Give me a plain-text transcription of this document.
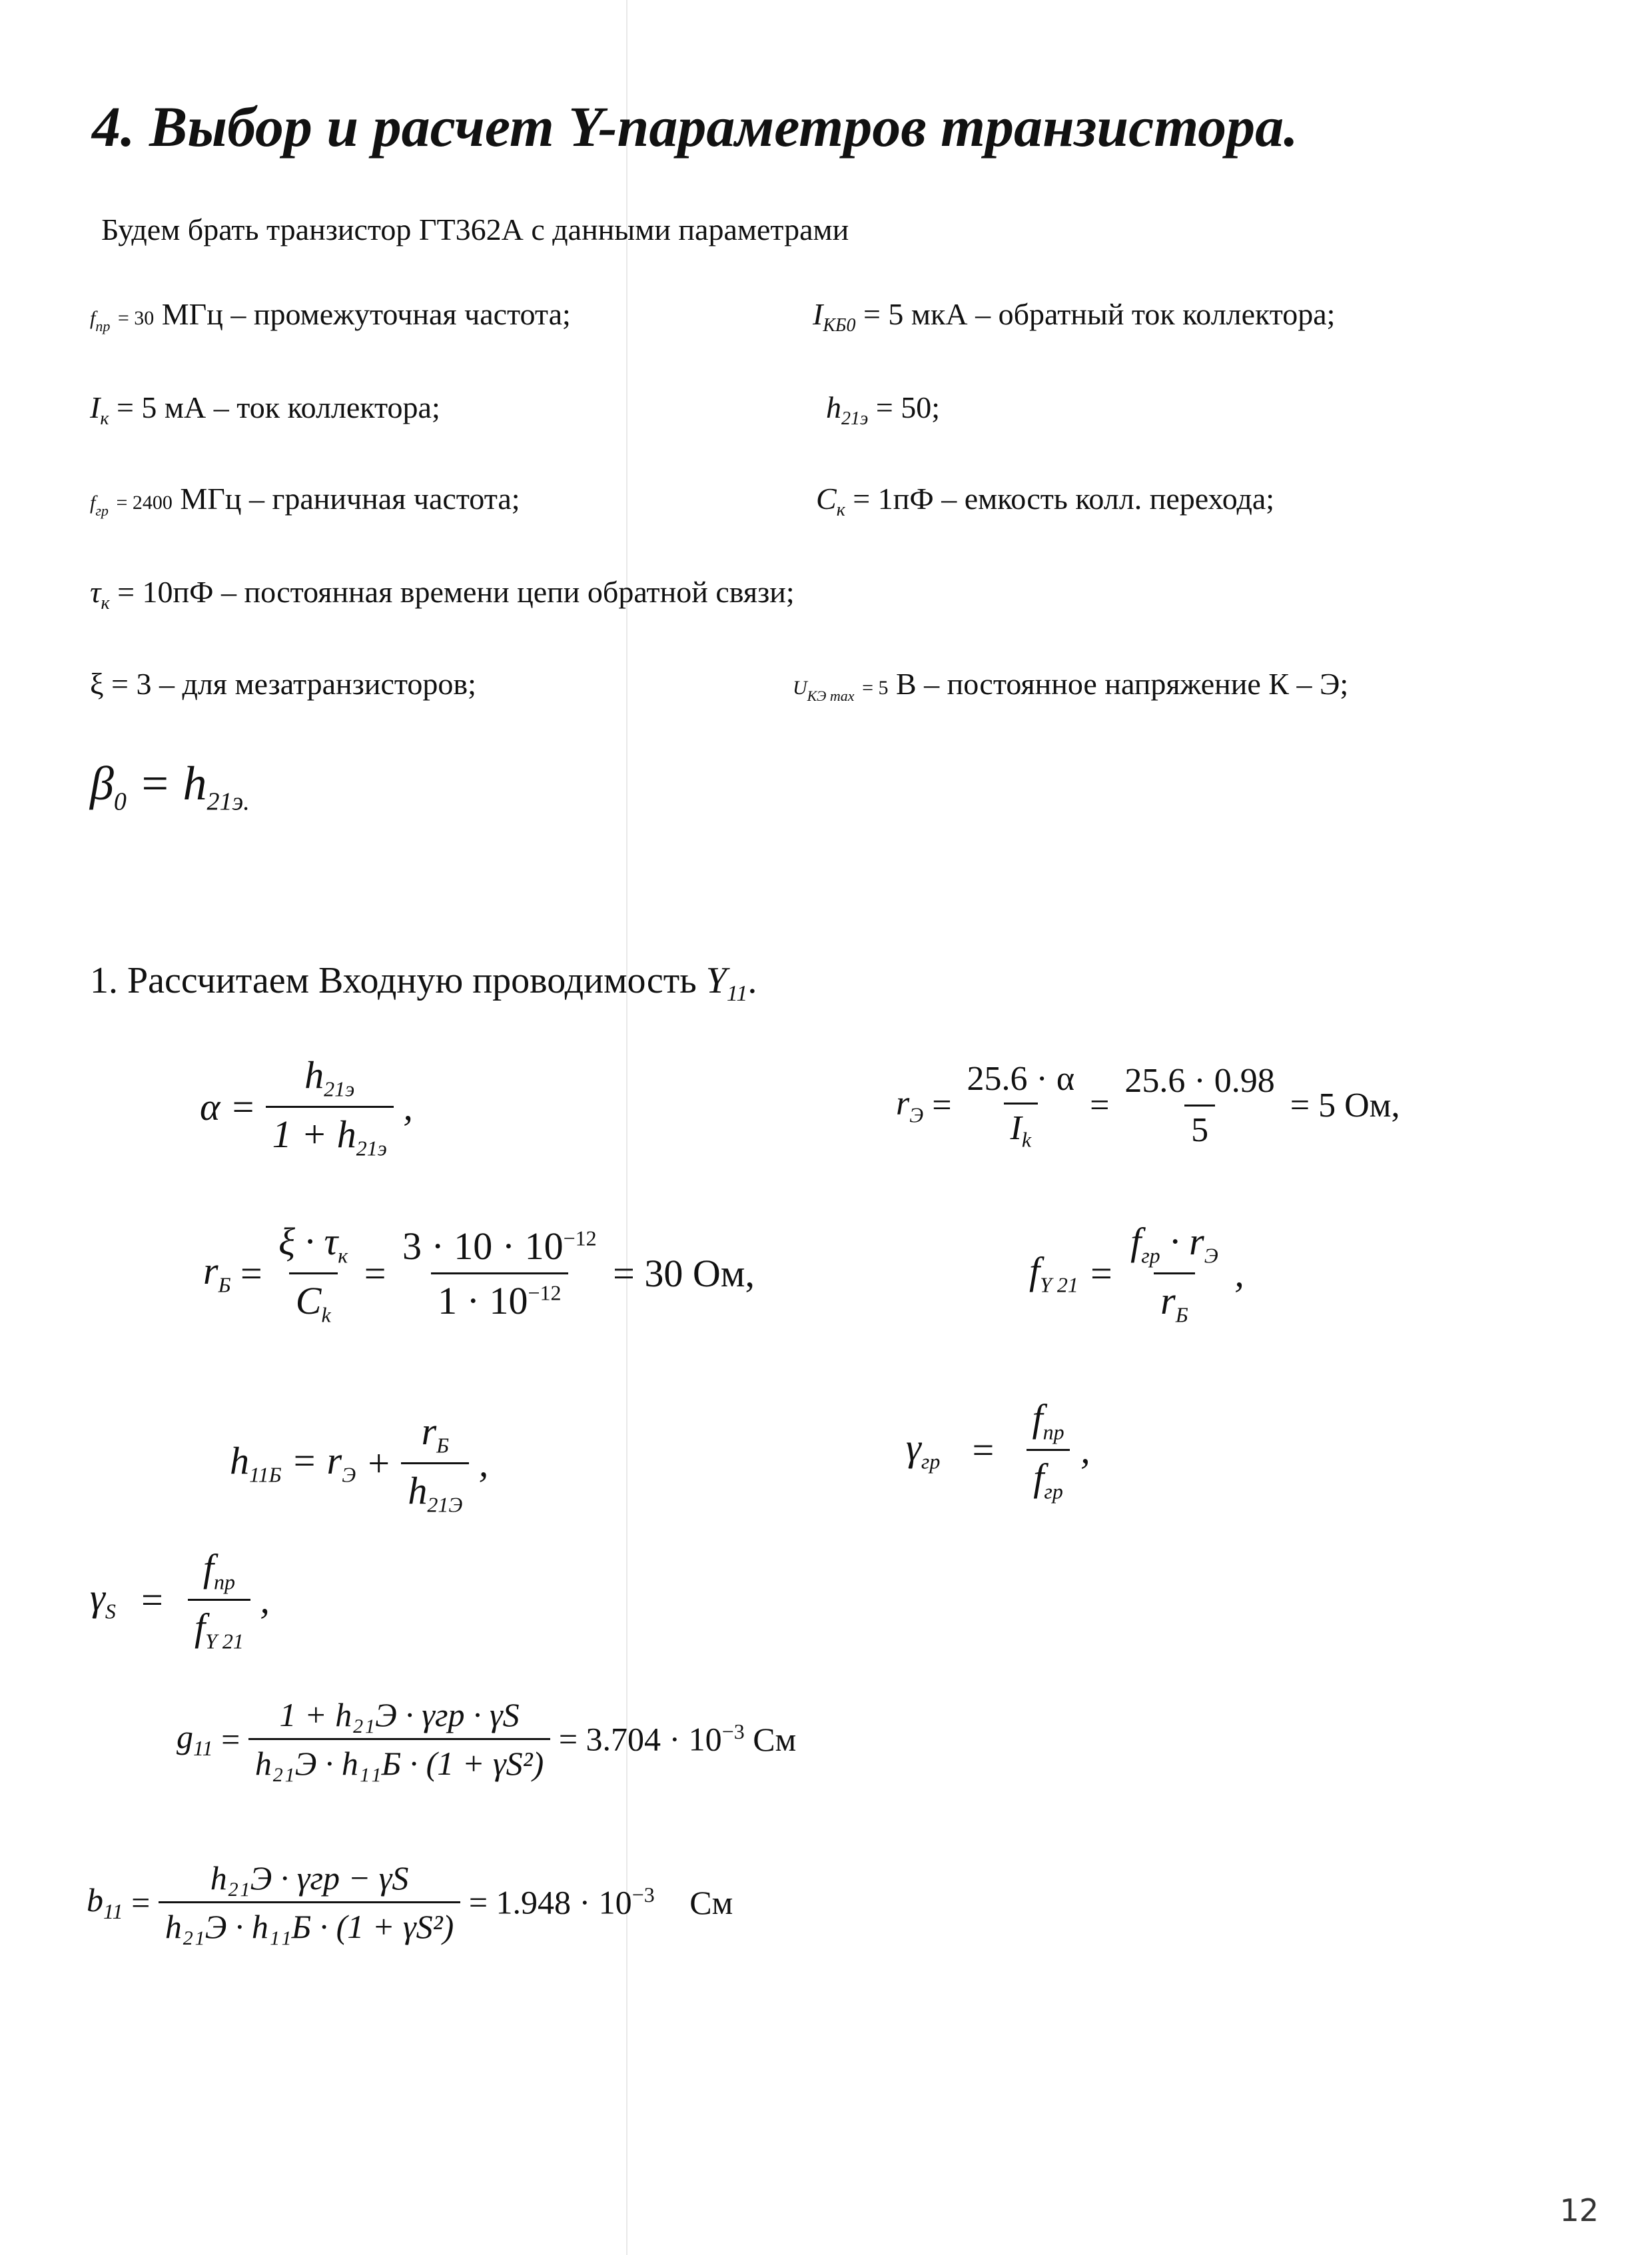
4. Выбор и расчет Y-параметров транзистора.
Будем брать транзистор ГТ362А с данными параметрами
$f_{пр} = 30$ МГц – промежуточная частота;	$I_{КБ0} = 5$ мкА – обратный ток коллектора;
$I_к = 5$ мА – ток коллектора;	$h_{21э} = 50$;
$f_{гр} = 2400$ МГц – граничная частота;	$C_к = 1пФ$ – емкость колл. перехода;
$\tau_к = 10пФ$ – постоянная времени цепи обратной связи;
ξ = 3 – для мезатранзисторов;	$U_{КЭ max} = 5$ В – постоянное напряжение К – Э;
$\beta_0 = h_{21э.}$
1. Рассчитаем Входную проводимость $Y_{11}$.
$\alpha = \frac{h_{21э}}{1 + h_{21э}}$ ,	$r_Э = \frac{25.6 \cdot \alpha}{I_k} = \frac{25.6 \cdot 0.98}{5} = 5$ Ом,
$r_Б = \frac{\xi \cdot \tau_к}{C_k} = \frac{3 \cdot 10 \cdot 10^{-12}}{1 \cdot 10^{-12}} = 30$ Ом,	$f_{Y 21} = \frac{f_{гр} \cdot r_Э}{r_Б}$ ,
$h_{11Б} = r_Э + \frac{r_Б}{h_{21Э}}$ ,	$\gamma_{гр} = \frac{f_{пр}}{f_{гр}}$ ,
$\gamma_S = \frac{f_{пр}}{f_{Y 21}}$ ,
$g_{11} = \frac{\text{1 + h₂₁Э · γгр · γS}}{\text{h₂₁Э · h₁₁Б · (1 + γS²)}} = 3.704 \cdot 10^{-3}$ См
$b_{11} = \frac{\text{h₂₁Э · γгр − γS}}{\text{h₂₁Э · h₁₁Б · (1 + γS²)}} = 1.948 \cdot 10^{-3}$ См
12
